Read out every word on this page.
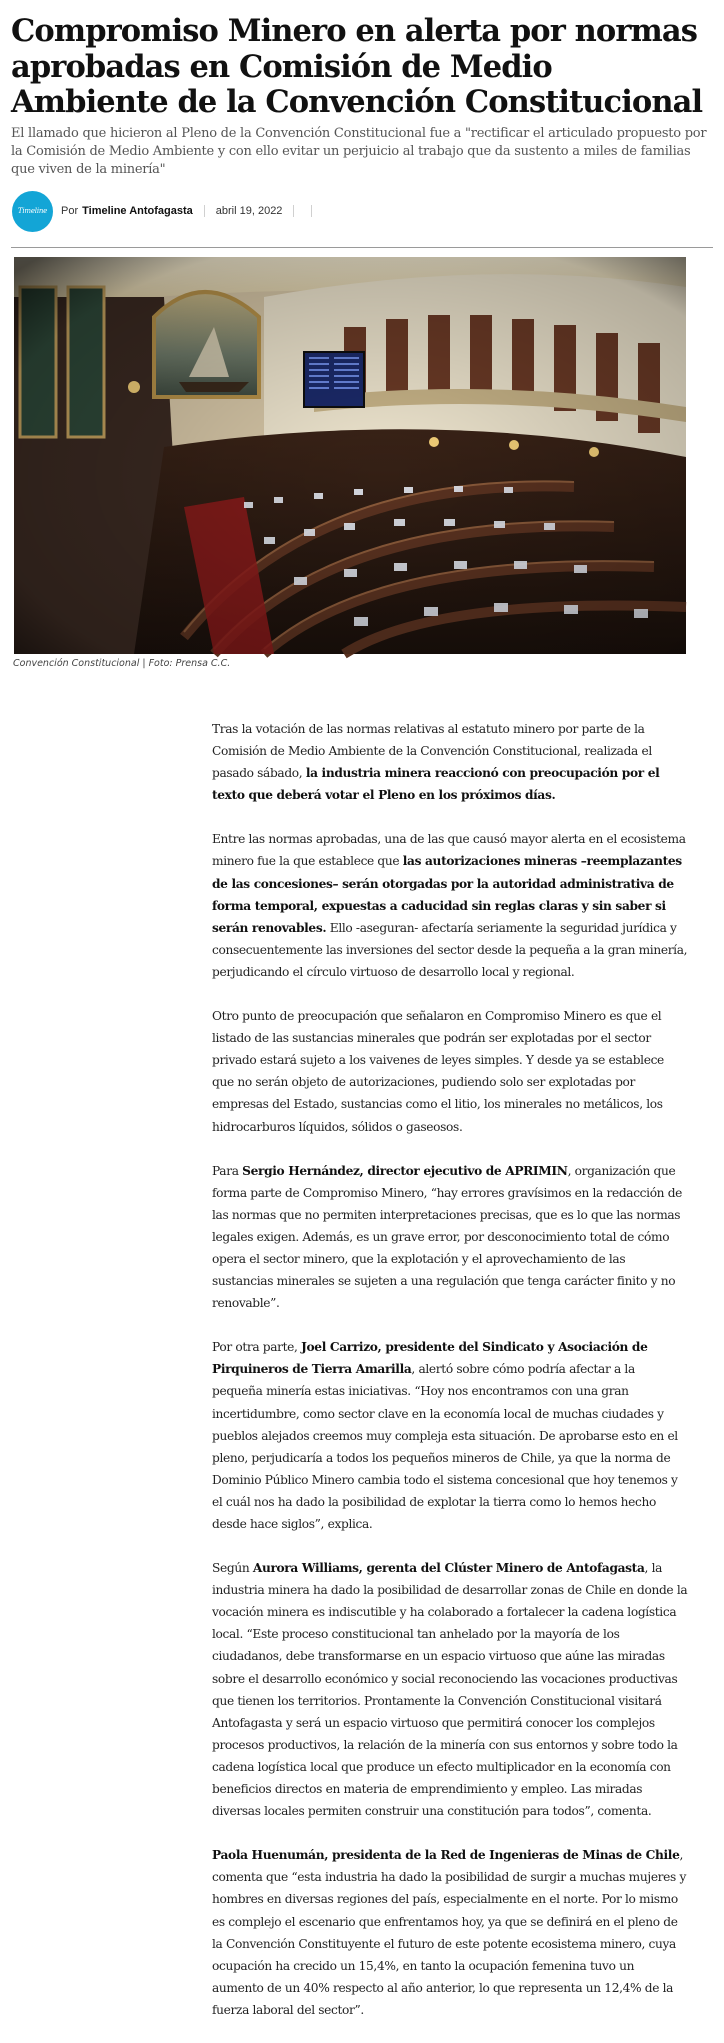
Compromiso Minero en alerta por normas aprobadas en Comisión de Medio Ambiente de la Convención Constitucional

El llamado que hicieron al Pleno de la Convención Constitucional fue a "rectificar el articulado propuesto por la Comisión de Medio Ambiente y con ello evitar un perjuicio al trabajo que da sustento a miles de familias que viven de la minería"

Timeline Por Timeline Antofagasta abril 19, 2022
Convención Constitucional | Foto: Prensa C.C.

Tras la votación de las normas relativas al estatuto minero por parte de la Comisión de Medio Ambiente de la Convención Constitucional, realizada el pasado sábado, la industria minera reaccionó con preocupación por el texto que deberá votar el Pleno en los próximos días.

Entre las normas aprobadas, una de las que causó mayor alerta en el ecosistema minero fue la que establece que las autorizaciones mineras –reemplazantes de las concesiones– serán otorgadas por la autoridad administrativa de forma temporal, expuestas a caducidad sin reglas claras y sin saber si serán renovables. Ello -aseguran- afectaría seriamente la seguridad jurídica y consecuentemente las inversiones del sector desde la pequeña a la gran minería, perjudicando el círculo virtuoso de desarrollo local y regional.

Otro punto de preocupación que señalaron en Compromiso Minero es que el listado de las sustancias minerales que podrán ser explotadas por el sector privado estará sujeto a los vaivenes de leyes simples. Y desde ya se establece que no serán objeto de autorizaciones, pudiendo solo ser explotadas por empresas del Estado, sustancias como el litio, los minerales no metálicos, los hidrocarburos líquidos, sólidos o gaseosos.

Para Sergio Hernández, director ejecutivo de APRIMIN, organización que forma parte de Compromiso Minero, “hay errores gravísimos en la redacción de las normas que no permiten interpretaciones precisas, que es lo que las normas legales exigen. Además, es un grave error, por desconocimiento total de cómo opera el sector minero, que la explotación y el aprovechamiento de las sustancias minerales se sujeten a una regulación que tenga carácter finito y no renovable”.

Por otra parte, Joel Carrizo, presidente del Sindicato y Asociación de Pirquineros de Tierra Amarilla, alertó sobre cómo podría afectar a la pequeña minería estas iniciativas. “Hoy nos encontramos con una gran incertidumbre, como sector clave en la economía local de muchas ciudades y pueblos alejados creemos muy compleja esta situación. De aprobarse esto en el pleno, perjudicaría a todos los pequeños mineros de Chile, ya que la norma de Dominio Público Minero cambia todo el sistema concesional que hoy tenemos y el cuál nos ha dado la posibilidad de explotar la tierra como lo hemos hecho desde hace siglos”, explica.

Según Aurora Williams, gerenta del Clúster Minero de Antofagasta, la industria minera ha dado la posibilidad de desarrollar zonas de Chile en donde la vocación minera es indiscutible y ha colaborado a fortalecer la cadena logística local. “Este proceso constitucional tan anhelado por la mayoría de los ciudadanos, debe transformarse en un espacio virtuoso que aúne las miradas sobre el desarrollo económico y social reconociendo las vocaciones productivas que tienen los territorios. Prontamente la Convención Constitucional visitará Antofagasta y será un espacio virtuoso que permitirá conocer los complejos procesos productivos, la relación de la minería con sus entornos y sobre todo la cadena logística local que produce un efecto multiplicador en la economía con beneficios directos en materia de emprendimiento y empleo. Las miradas diversas locales permiten construir una constitución para todos”, comenta.

Paola Huenumán, presidenta de la Red de Ingenieras de Minas de Chile, comenta que “esta industria ha dado la posibilidad de surgir a muchas mujeres y hombres en diversas regiones del país, especialmente en el norte. Por lo mismo es complejo el escenario que enfrentamos hoy, ya que se definirá en el pleno de la Convención Constituyente el futuro de este potente ecosistema minero, cuya ocupación ha crecido un 15,4%, en tanto la ocupación femenina tuvo un aumento de un 40% respecto al año anterior, lo que representa un 12,4% de la fuerza laboral del sector”.
